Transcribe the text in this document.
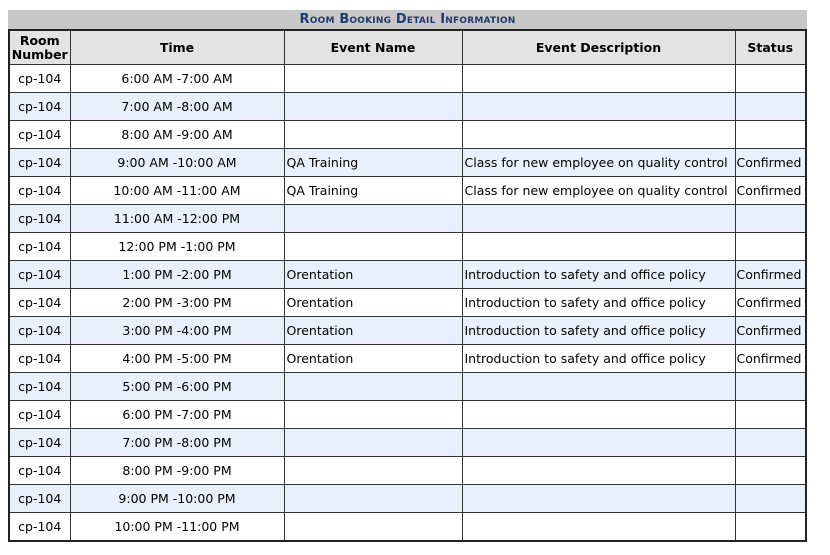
Room Booking Detail Information
Room
Number	Time	Event Name	Event Description	Status
cp-104	6:00 AM -7:00 AM			
cp-104	7:00 AM -8:00 AM			
cp-104	8:00 AM -9:00 AM			
cp-104	9:00 AM -10:00 AM	QA Training	Class for new employee on quality control	Confirmed
cp-104	10:00 AM -11:00 AM	QA Training	Class for new employee on quality control	Confirmed
cp-104	11:00 AM -12:00 PM			
cp-104	12:00 PM -1:00 PM			
cp-104	1:00 PM -2:00 PM	Orentation	Introduction to safety and office policy	Confirmed
cp-104	2:00 PM -3:00 PM	Orentation	Introduction to safety and office policy	Confirmed
cp-104	3:00 PM -4:00 PM	Orentation	Introduction to safety and office policy	Confirmed
cp-104	4:00 PM -5:00 PM	Orentation	Introduction to safety and office policy	Confirmed
cp-104	5:00 PM -6:00 PM			
cp-104	6:00 PM -7:00 PM			
cp-104	7:00 PM -8:00 PM			
cp-104	8:00 PM -9:00 PM			
cp-104	9:00 PM -10:00 PM			
cp-104	10:00 PM -11:00 PM			
